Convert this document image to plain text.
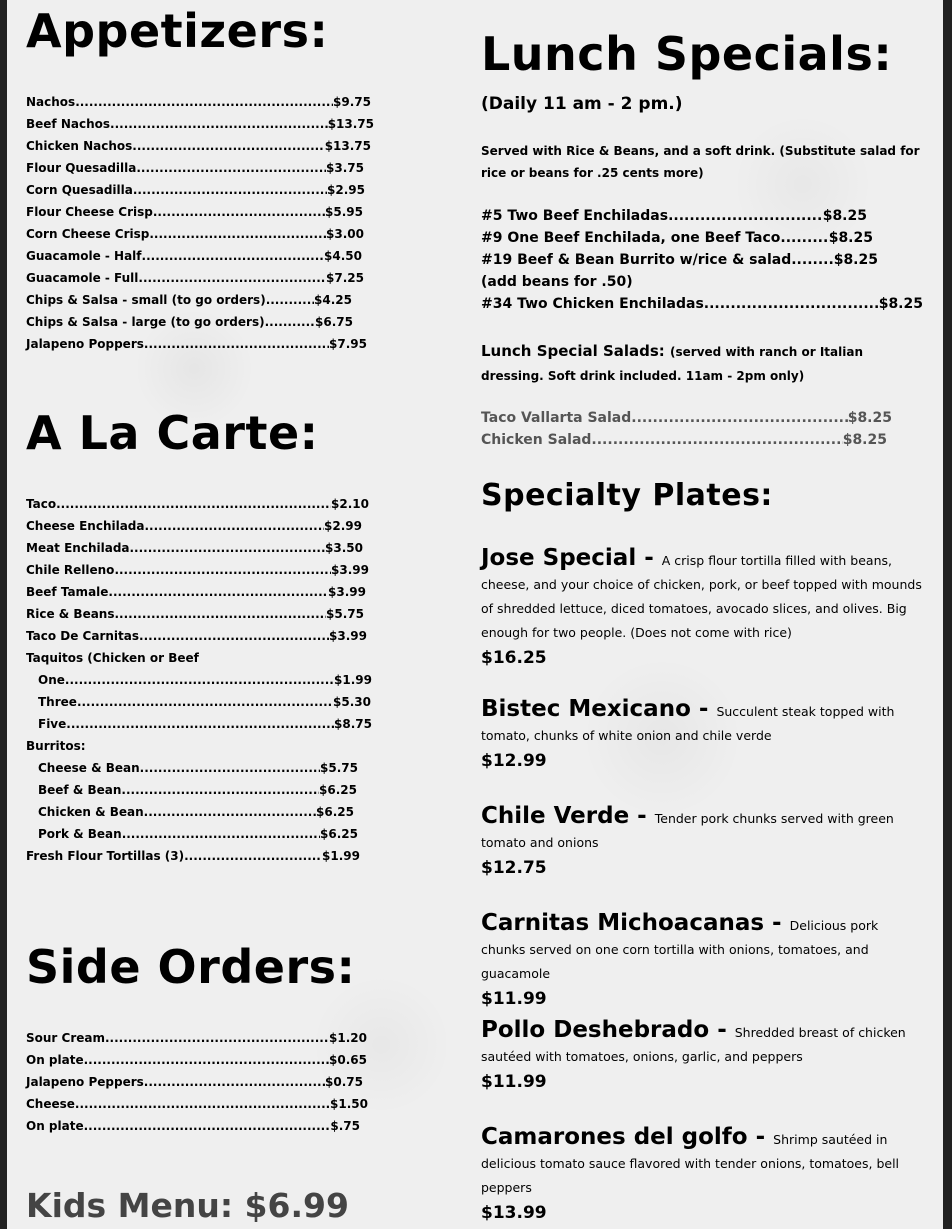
Appetizers:
Nachos .....	$9.75
Beef Nachos .....	$13.75
Chicken Nachos .....	$13.75
Flour Quesadilla .....	$3.75
Corn Quesadilla .....	$2.95
Flour Cheese Crisp .....	$5.95
Corn Cheese Crisp .....	$3.00
Guacamole - Half .....	$4.50
Guacamole - Full .....	$7.25
Chips & Salsa - small (to go orders) .....	$4.25
Chips & Salsa - large (to go orders) .....	$6.75
Jalapeno Poppers .....	$7.95
A La Carte:
Taco .....	$2.10
Cheese Enchilada .....	$2.99
Meat Enchilada .....	$3.50
Chile Relleno .....	$3.99
Beef Tamale .....	$3.99
Rice & Beans .....	$5.75
Taco De Carnitas .....	$3.99
Taquitos (Chicken or Beef
One .....	$1.99
Three .....	$5.30
Five .....	$8.75
Burritos:
Cheese & Bean .....	$5.75
Beef & Bean .....	$6.25
Chicken & Bean .....	$6.25
Pork & Bean .....	$6.25
Fresh Flour Tortillas (3) .....	$1.99
Side Orders:
Sour Cream .....	$1.20
On plate .....	$0.65
Jalapeno Peppers .....	$0.75
Cheese .....	$1.50
On plate .....	$.75
Kids Menu: $6.99
Lunch Specials:
(Daily 11 am - 2 pm.)
Served with Rice & Beans, and a soft drink. (Substitute salad for rice or beans for .25 cents more)
#5 Two Beef Enchiladas .....	$8.25
#9 One Beef Enchilada, one Beef Taco .....	$8.25
#19 Beef & Bean Burrito w/rice & salad .....	$8.25
(add beans for .50)
#34 Two Chicken Enchiladas .....	$8.25
Lunch Special Salads: (served with ranch or Italian dressing. Soft drink included. 11am - 2pm only)
Taco Vallarta Salad .....	$8.25
Chicken Salad .....	$8.25
Specialty Plates:
Jose Special - A crisp flour tortilla filled with beans, cheese, and your choice of chicken, pork, or beef topped with mounds of shredded lettuce, diced tomatoes, avocado slices, and olives. Big enough for two people. (Does not come with rice)
$16.25
Bistec Mexicano - Succulent steak topped with tomato, chunks of white onion and chile verde
$12.99
Chile Verde - Tender pork chunks served with green tomato and onions
$12.75
Carnitas Michoacanas - Delicious pork chunks served on one corn tortilla with onions, tomatoes, and guacamole
$11.99
Pollo Deshebrado - Shredded breast of chicken sautéed with tomatoes, onions, garlic, and peppers
$11.99
Camarones del golfo - Shrimp sautéed in delicious tomato sauce flavored with tender onions, tomatoes, bell peppers
$13.99
